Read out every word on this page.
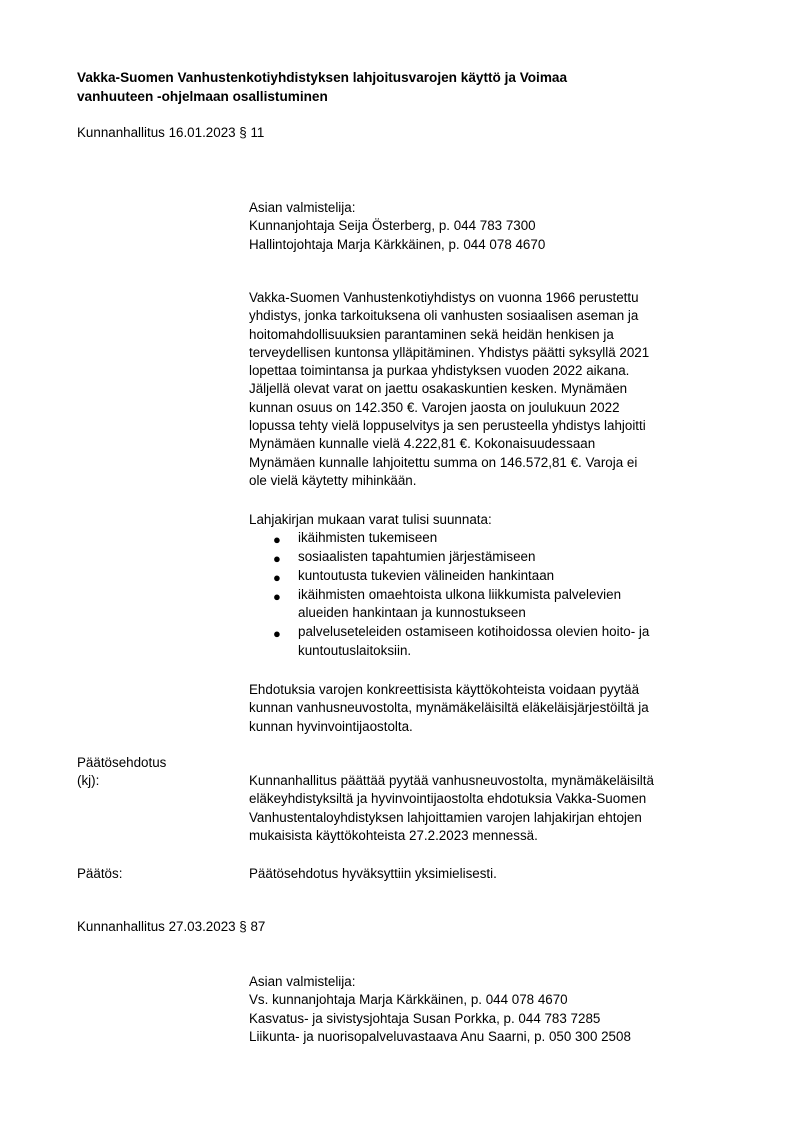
Vakka-Suomen Vanhustenkotiyhdistyksen lahjoitusvarojen käyttö ja Voimaa
vanhuuteen -ohjelmaan osallistuminen
Kunnanhallitus 16.01.2023 § 11

Asian valmistelija:

Kunnanjohtaja Seija Österberg, p. 044 783 7300

Hallintojohtaja Marja Kärkkäinen, p. 044 078 4670

Vakka-Suomen Vanhustenkotiyhdistys on vuonna 1966 perustettu

yhdistys, jonka tarkoituksena oli vanhusten sosiaalisen aseman ja

hoitomahdollisuuksien parantaminen sekä heidän henkisen ja

terveydellisen kuntonsa ylläpitäminen. Yhdistys päätti syksyllä 2021

lopettaa toimintansa ja purkaa yhdistyksen vuoden 2022 aikana.

Jäljellä olevat varat on jaettu osakaskuntien kesken. Mynämäen

kunnan osuus on 142.350 €. Varojen jaosta on joulukuun 2022

lopussa tehty vielä loppuselvitys ja sen perusteella yhdistys lahjoitti

Mynämäen kunnalle vielä 4.222,81 €. Kokonaisuudessaan

Mynämäen kunnalle lahjoitettu summa on 146.572,81 €. Varoja ei

ole vielä käytetty mihinkään.

Lahjakirjan mukaan varat tulisi suunnata:

● ikäihmisten tukemiseen
● sosiaalisten tapahtumien järjestämiseen
● kuntoutusta tukevien välineiden hankintaan
● ikäihmisten omaehtoista ulkona liikkumista palvelevien
alueiden hankintaan ja kunnostukseen
● palveluseteleiden ostamiseen kotihoidossa olevien hoito- ja
kuntoutuslaitoksiin.

Ehdotuksia varojen konkreettisista käyttökohteista voidaan pyytää

kunnan vanhusneuvostolta, mynämäkeläisiltä eläkeläisjärjestöiltä ja

kunnan hyvinvointijaostolta.

Päätösehdotus
(kj):	Kunnanhallitus päättää pyytää vanhusneuvostolta, mynämäkeläisiltä

eläkeyhdistyksiltä ja hyvinvointijaostolta ehdotuksia Vakka-Suomen

Vanhustentaloyhdistyksen lahjoittamien varojen lahjakirjan ehtojen

mukaisista käyttökohteista 27.2.2023 mennessä.

Päätös:	Päätösehdotus hyväksyttiin yksimielisesti.
Kunnanhallitus 27.03.2023 § 87

Asian valmistelija:

Vs. kunnanjohtaja Marja Kärkkäinen, p. 044 078 4670

Kasvatus- ja sivistysjohtaja Susan Porkka, p. 044 783 7285

Liikunta- ja nuorisopalveluvastaava Anu Saarni, p. 050 300 2508
